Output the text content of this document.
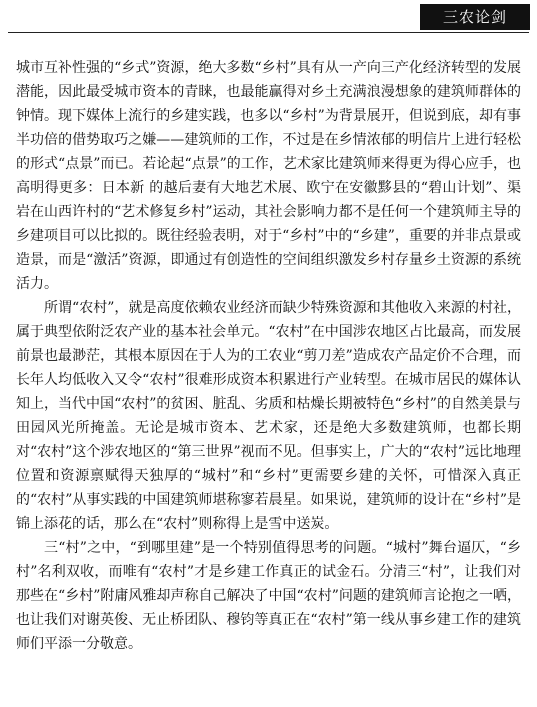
三农论剑

城市互补性强的“乡式”资源，绝大多数“乡村”具有从一产向三产化经济转型的发展潜能，因此最受城市资本的青睐，也最能赢得对乡土充满浪漫想象的建筑师群体的钟情。现下媒体上流行的乡建实践，也多以“乡村”为背景展开，但说到底，却有事半功倍的借势取巧之嫌——建筑师的工作，不过是在乡情浓郁的明信片上进行轻松的形式“点景”而已。若论起“点景”的工作，艺术家比建筑师来得更为得心应手，也高明得更多：日本新 的越后妻有大地艺术展、欧宁在安徽黟县的“碧山计划”、渠岩在山西许村的“艺术修复乡村”运动，其社会影响力都不是任何一个建筑师主导的乡建项目可以比拟的。既往经验表明，对于“乡村”中的“乡建”，重要的并非点景或造景，而是“激活”资源，即通过有创造性的空间组织激发乡村存量乡土资源的系统活力。

所谓“农村”，就是高度依赖农业经济而缺少特殊资源和其他收入来源的村社，属于典型依附泛农产业的基本社会单元。“农村”在中国涉农地区占比最高，而发展前景也最渺茫，其根本原因在于人为的工农业“剪刀差”造成农产品定价不合理，而长年人均低收入又令“农村”很难形成资本积累进行产业转型。在城市居民的媒体认知上，当代中国“农村”的贫困、脏乱、劣质和枯燥长期被特色“乡村”的自然美景与田园风光所掩盖。无论是城市资本、艺术家，还是绝大多数建筑师，也都长期对“农村”这个涉农地区的“第三世界”视而不见。但事实上，广大的“农村”远比地理位置和资源禀赋得天独厚的“城村”和“乡村”更需要乡建的关怀，可惜深入真正的“农村”从事实践的中国建筑师堪称寥若晨星。如果说，建筑师的设计在“乡村”是锦上添花的话，那么在“农村”则称得上是雪中送炭。

三“村”之中，“到哪里建”是一个特别值得思考的问题。“城村”舞台逼仄，“乡村”名利双收，而唯有“农村”才是乡建工作真正的试金石。分清三“村”，让我们对那些在“乡村”附庸风雅却声称自己解决了中国“农村”问题的建筑师言论抱之一哂，也让我们对谢英俊、无止桥团队、穆钧等真正在“农村”第一线从事乡建工作的建筑师们平添一分敬意。
